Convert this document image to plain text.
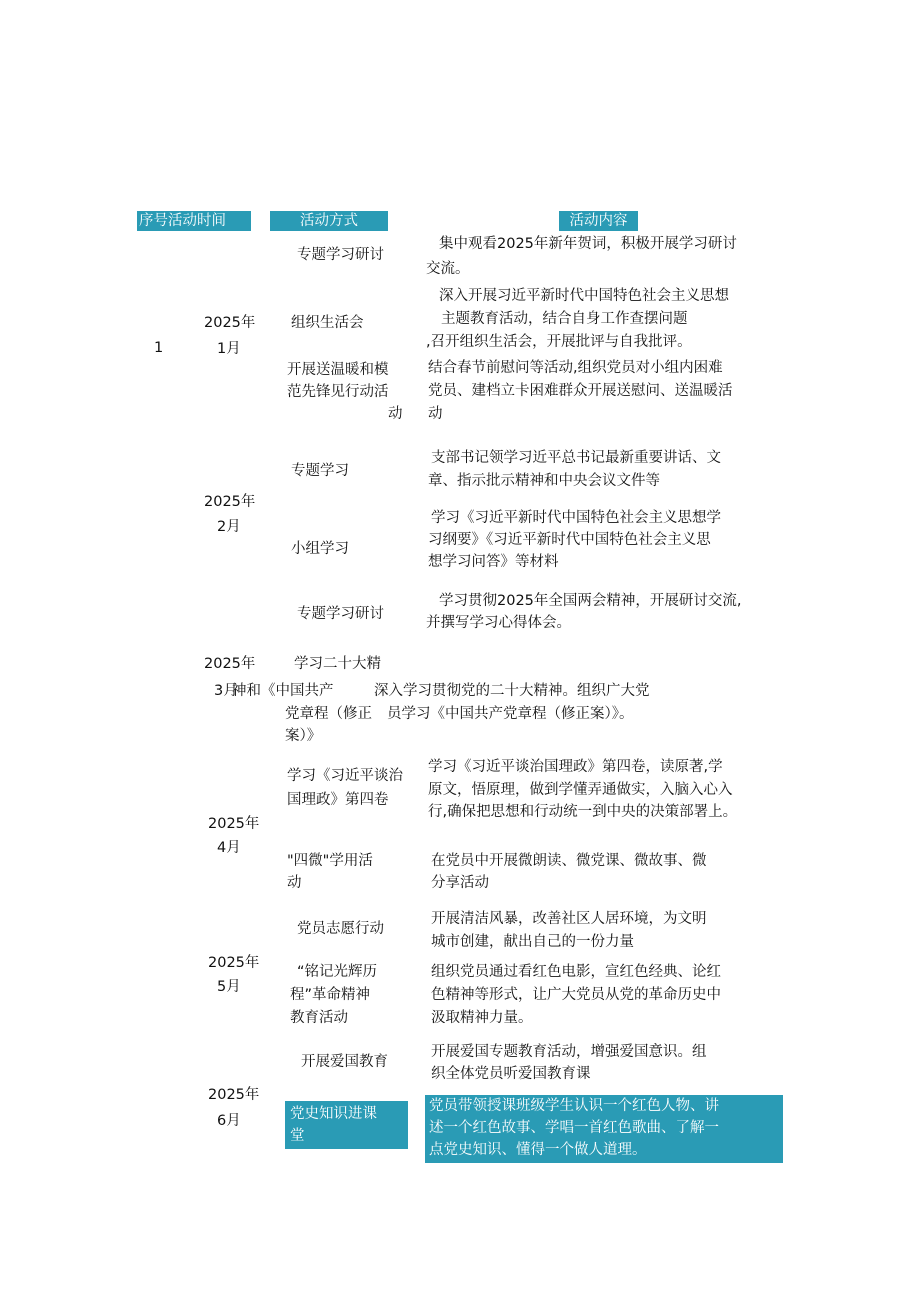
序号活动时间	活动方式	活动内容
1
2025年
1月
2025年
2月
2025年
3月
2025年
4月
2025年
5月
2025年
6月
专题学习研讨
集中观看2025年新年贺词，积极开展学习研讨
交流。
组织生活会
深入开展习近平新时代中国特色社会主义思想
主题教育活动，结合自身工作查摆问题
,召开组织生活会，开展批评与自我批评。
开展送温暖和模
范先锋见行动活
动
结合春节前慰问等活动,组织党员对小组内困难
党员、建档立卡困难群众开展送慰问、送温暖活
动
专题学习
支部书记领学习近平总书记最新重要讲话、文
章、指示批示精神和中央会议文件等
小组学习
学习《习近平新时代中国特色社会主义思想学
习纲要》《习近平新时代中国特色社会主义思
想学习问答》等材料
专题学习研讨
学习贯彻2025年全国两会精神，开展研讨交流,
并撰写学习心得体会。
学习二十大精
神和《中国共产
党章程（修正
案）》
深入学习贯彻党的二十大精神。组织广大党
员学习《中国共产党章程（修正案）》。
学习《习近平谈治
国理政》第四卷
学习《习近平谈治国理政》第四卷，读原著,学
原文，悟原理，做到学懂弄通做实，入脑入心入
行,确保把思想和行动统一到中央的决策部署上。
"四微"学用活
动
在党员中开展微朗读、微党课、微故事、微
分享活动
党员志愿行动
开展清洁风暴，改善社区人居环境，为文明
城市创建，献出自己的一份力量
“铭记光辉历
程”革命精神
教育活动
组织党员通过看红色电影，宣红色经典、论红
色精神等形式，让广大党员从党的革命历史中
汲取精神力量。
开展爱国教育
开展爱国专题教育活动，增强爱国意识。组
织全体党员听爱国教育课
党史知识进课
堂
党员带领授课班级学生认识一个红色人物、讲
述一个红色故事、学唱一首红色歌曲、了解一
点党史知识、懂得一个做人道理。
